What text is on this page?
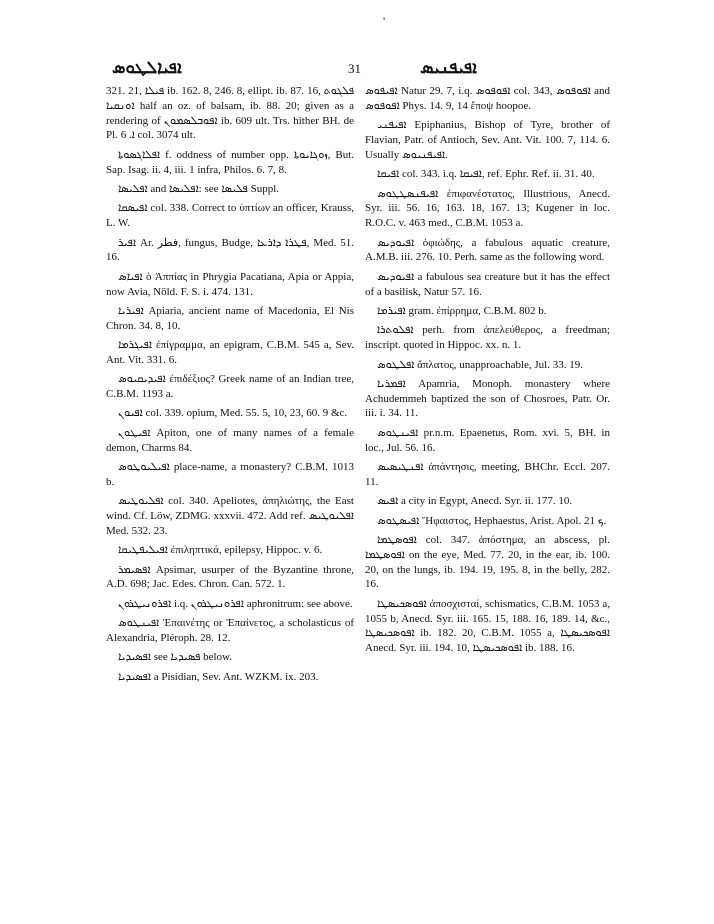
'
ܐܦܝܐܠܛܘܣ	31	ܐܦܝܦܢܝܣ

321. 21, ܦܝܠܐ ib. 162. 8, 246. 8, ellipt. ib. 87. 16, ܦܠܓܘܬ ܐܘܢܩܝܐ half an oz. of balsam, ib. 88. 20; given as a rendering of ܐܦܘܒܠܣܡܘܢ ib. 609 ult. Trs. hither BH. de Pl. ܐ. 6 col. 3074 ult.

ܐܦܠܐܓܣܘܬܐ f. oddness of number opp. ܙܘܓܐܝܘܬܐ, But. Sap. Isag. ii. 4, iii. 1 infra, Philos. 6. 7, 8.

ܐܦܠܝܣܐ and ܐܦܠܝܣܐ: see ܦܠܝܣܐ Suppl.

ܐܦܝܣܩܐ col. 338. Correct to ὑπτίων an officer, Krauss, L. W.

ܐܦܝܪ Ar. فطر, fungus, Budge, ܦܛܪܐ ܕܐܪܥܐ, Med. 51. 16.

ܐܦܝܐܣ ὁ Ἀππίας in Phrygia Pacatiana, Apia or Appia, now Avia, Nöld. F. S. i. 474. 131.

ܐܦܝܪܝܐ Apiaria, ancient name of Macedonia, El Nis Chron. 34. 8, 10.

ܐܦܝܓܪܡܐ ἐπίγραμμα, an epigram, C.B.M. 545 a, Sev. Ant. Vit. 331. 6.

ܐܦܝܕܝܩܝܘܣ ἐπιδέξιος? Greek name of an Indian tree, C.B.M. 1193 a.

ܐܦܝܘܢ col. 339. opium, Med. 55. 5, 10, 23, 60. 9 &c.

ܐܦܝܛܘܢ Apiton, one of many names of a female demon, Charms 84.

ܐܦܝܠܝܘܛܘܣ place-name, a monastery? C.B.M. 1013 b.

ܐܦܠܝܘܛܝܣ col. 340. Apeliotes, ἀπηλιώτης, the East wind. Cf. Löw, ZDMG. xxxvii. 472. Add ref. ܐܦܠܝܘܛܝܣ Med. 532. 23.

ܐܦܝܠܝܦܛܝܩܐ ἐπιληπτικά, epilepsy, Hippoc. v. 6.

ܐܦܣܝܡܪ Apsimar, usurper of the Byzantine throne, A.D. 698; Jac. Edes. Chron. Can. 572. 1.

ܐܦܪܘܢܝܛܪܘܢ i.q. ܐܦܪܘܢܝܛܪܘܢ aphronitrum: see above.

ܐܦܝܢܛܘܣ Ἐπαινέτης or Ἐπαίνετος, a scholasticus of Alexandria, Pléroph. 28. 12.

ܐܦܣܝܕܝܐ see ܦܣܝܕܝܐ below.

ܐܦܣܝܕܝܐ a Pisidian, Sev. Ant. WZKM. ix. 203.

ܐܦܝܦܘܣ Natur 29. 7, i.q. ܐܦܘܦܘܣ col. 343, ܐܦܘܦܘܣ and ܐܦܘܦܘܣ Phys. 14. 9, 14 ἔποψ hoopoe.

ܐܦܝܦܢܝ Epiphanius, Bishop of Tyre, brother of Flavian, Patr. of Antioch, Sev. Ant. Vit. 100. 7, 114. 6. Usually ܐܦܝܦܢܝܘܣ.

ܐܦܝܩܐ col. 343. i.q. ܐܦܝܩܐ, ref. Ephr. Ref. ii. 31. 40.

ܐܦܝܦܢܣܛܛܘܣ ἐπιφανέστατος, Illustrious, Anecd. Syr. iii. 56. 16, 163. 18, 167. 13; Kugener in loc. R.O.C. v. 463 med., C.B.M. 1053 a.

ܐܦܝܘܕܝܣ ὀφιώδης, a fabulous aquatic creature, A.M.B. iii. 276. 10. Perh. same as the following word.

ܐܦܝܘܕܝܣ a fabulous sea creature but it has the effect of a basilisk, Natur 57. 16.

ܐܦܝܪܡܐ gram. ἐπίρρημα, C.B.M. 802 b.

ܐܦܠܘܬܪܐ perh. from ἀπελεύθερος, a freedman; inscript. quoted in Hippoc. xx. n. 1.

ܐܦܠܛܘܣ ἄπλατος, unapproachable, Jul. 33. 19.

ܐܦܡܪܝܐ Apamria, Monoph. monastery where Achudemmeh baptized the son of Chosroes, Patr. Or. iii. i. 34. 11.

ܐܦܝܢܛܘܣ pr.n.m. Epaenetus, Rom. xvi. 5, BH. in loc., Jul. 56. 16.

ܐܦܢܛܝܣܝܣ ἀπάντησις, meeting, BHChr. Eccl. 207. 11.

ܐܦܝܣ a city in Egypt, Anecd. Syr. ii. 177. 10.

ܐܦܝܣܛܘܣ Ἥφαιστος, Hephaestus, Arist. Apol. ܟ 21.

ܐܦܘܣܛܡܐ col. 347. ἀπόστημα, an abscess, pl. ܐܦܘܣܛܡܐ on the eye, Med. 77. 20, in the ear, ib. 100. 20, on the lungs, ib. 194. 19, 195. 8, in the belly, 282. 16.

ܐܦܘܣܟܝܣܛܐ ἀποσχισταί, schismatics, C.B.M. 1053 a, 1055 b, Anecd. Syr. iii. 165. 15, 188. 16, 189. 14, &c., ܐܦܘܣܟܝܣܛܐ ib. 182. 20, C.B.M. 1055 a, ܐܦܘܣܟܝܣܛܐ Anecd. Syr. iii. 194. 10, ܐܦܘܣܟܝܣܛܐ ib. 188. 16.
